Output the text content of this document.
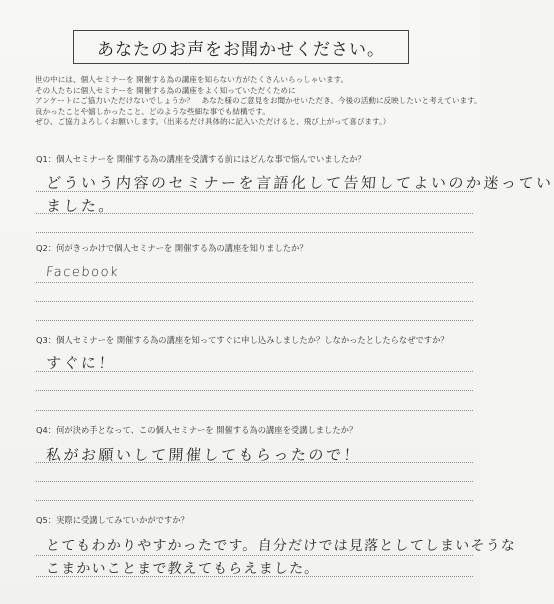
あなたのお声をお聞かせください。
世の中には、個人セミナーを 開催する為の講座を知らない方がたくさんいらっしゃいます。
その人たちに個人セミナーを 開催する為の講座をよく知っていただくために
アンケートにご協力いただけないでしょうか？　あなた様のご意見をお聞かせいただき、今後の活動に反映したいと考えています。
良かったことや嬉しかったこと、どのような些細な事でも結構です。
ぜひ、ご協力よろしくお願いします。（出来るだけ具体的に記入いただけると、飛び上がって喜びます。）
Q1：個人セミナーを 開催する為の講座を受講する前にはどんな事で悩んでいましたか？
どういう内容のセミナーを言語化して告知してよいのか迷ってい
ました。
Q2：何がきっかけで個人セミナーを 開催する為の講座を知りましたか？
Facebook
Q3：個人セミナーを 開催する為の講座を知ってすぐに申し込みしましたか？しなかったとしたらなぜですか？
すぐに！
Q4：何が決め手となって、この個人セミナーを 開催する為の講座を受講しましたか？
私がお願いして開催してもらったので！
Q5：実際に受講してみていかがですか？
とてもわかりやすかったです。自分だけでは見落としてしまいそうな
こまかいことまで教えてもらえました。
